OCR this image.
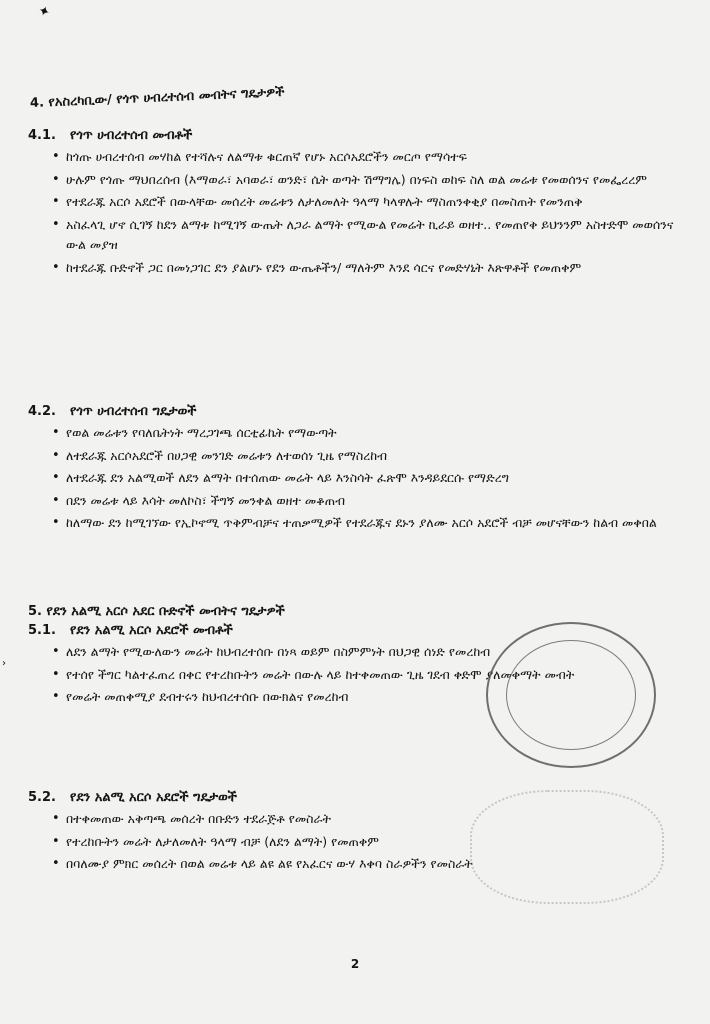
✦
›
4. የአስረካቢው/ የጎጥ ሀብረተሰብ መብትና ግዴታዎች
4.1. የጎጥ ሀብረተሰብ መብቶች
• ከጎጡ ሀብረተሰብ መሃከል የተሻሉና ለልማቱ ቁርጠኛ የሆኑ አርሶአደሮችን መርጦ የማሳተፍ
• ሁሉም የጎጡ ማህበረሰብ (እማወራ፣ አባወራ፣ ወንድ፣ ሴት ወጣት ሽማግሌ) በነፍስ ወከፍ ስለ ወል መሬቱ የመወሰንና የመፌረረም
• የተደራጁ አርሶ አደሮች በውላቸው መሰረት መሬቱን ለታለመለት ዓላማ ካላዋሉት ማስጠንቀቂያ በመስጠት የመንጠቅ
• አስፈላጊ ሆኖ ሲገኝ ከደን ልማቱ ከሚገኝ ውጤት ለጋራ ልማት የሚውል የመሬት ኪራይ ወዘተ.. የመጠየቅ ይህንንም አስተድሞ መወሰንና ውል መያዝ
• ከተደራጁ ቡድኖች ጋር በመነጋገር ደን ያልሆኑ የደን ውጤቶችን/ ማለትም እንደ ሳርና የመድሃኒት እጽዋቶች የመጠቀም
4.2. የጎጥ ሀብረተሰብ ግዴታወች
• የወል መሬቱን የባለቤትነት ማረጋገጫ ሰርቲፊኬት የማውጣት
• ለተደራጁ አርሶአደሮች በሀጋዊ መንገድ መሬቱን ለተወሰነ ጊዜ የማስረከብ
• ለተደራጁ ደን አልሚወች ለደን ልማት በተሰጠው መሬት ላይ እንስሳት ፈጽሞ እንዳይደርሱ የማድረግ
• በደን መሬቱ ላይ እሳት መለኮስ፣ ችግኝ መንቀል ወዘተ መቆጠብ
• ከለማው ደን ከሚገኘው የኢኮኖሚ ጥቅምብቻና ተጠቃሚዎች የተደራጁና ደኑን ያለሙ አርሶ አደሮች ብቻ መሆናቸውን ከልብ መቀበል
5. የደን አልሚ አርሶ አደር ቡድኖች መብትና ግዴታዎች
5.1. የደን አልሚ አርሶ አደሮች መብቶች
• ለደን ልማት የሚውለውን መሬት ከህብረተሰቡ በነጻ ወይም በስምምነት በህጋዊ ሰነድ የመረከብ
• የተሰየ ችግር ካልተፈጠረ በቀር የተረከቡትን መሬት በውሉ ላይ ከተቀመጠው ጊዜ ገደብ ቀድሞ ያለመቀማት መብት
• የመሬት መጠቀሚያ ደብተሩን ከህብረተሰቡ በውክልና የመረከብ
5.2. የደን አልሚ አርሶ አደሮች ግዴታወች
• በተቀመጠው አቅጣጫ መሰረት በቡድን ተደራጅቶ የመስራት
• የተረከቡትን መሬት ለታለመለት ዓላማ ብቻ (ለደን ልማት) የመጠቀም
• በባለሙያ ምክር መሰረት በወል መሬቱ ላይ ልዩ ልዩ የአፈርና ውሃ እቀባ ስራዎችን የመስራት
2
